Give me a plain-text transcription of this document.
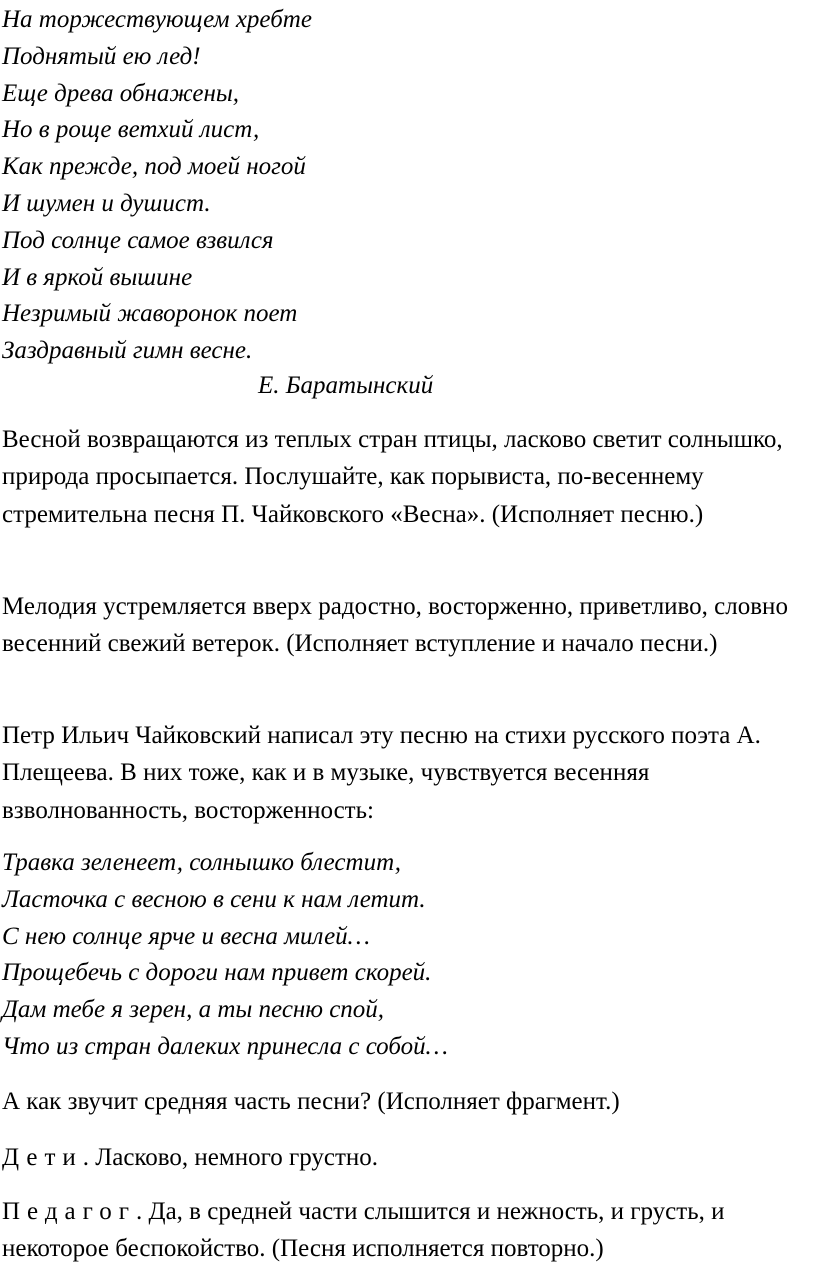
На торжествующем хребте
Поднятый ею лед!
Еще древа обнажены,
Но в роще ветхий лист,
Как прежде, под моей ногой
И шумен и душист.
Под солнце самое взвился
И в яркой вышине
Незримый жаворонок поет
Заздравный гимн весне.
Е. Баратынский

Весной возвращаются из теплых стран птицы, ласково светит солнышко, природа просыпается. Послушайте, как порывиста, по-весеннему стремительна песня П. Чайковского «Весна». (Исполняет песню.)

Мелодия устремляется вверх радостно, восторженно, приветливо, словно весенний свежий ветерок. (Исполняет вступление и начало песни.)

Петр Ильич Чайковский написал эту песню на стихи русского поэта А. Плещеева. В них тоже, как и в музыке, чувствуется весенняя взволнованность, восторженность:

Травка зеленеет, солнышко блестит,
Ласточка с весною в сени к нам летит.
С нею солнце ярче и весна милей…
Прощебечь с дороги нам привет скорей.
Дам тебе я зерен, а ты песню спой,
Что из стран далеких принесла с собой…

А как звучит средняя часть песни? (Исполняет фрагмент.)

Дети. Ласково, немного грустно.

Педагог. Да, в средней части слышится и нежность, и грусть, и некоторое беспокойство. (Песня исполняется повторно.)
